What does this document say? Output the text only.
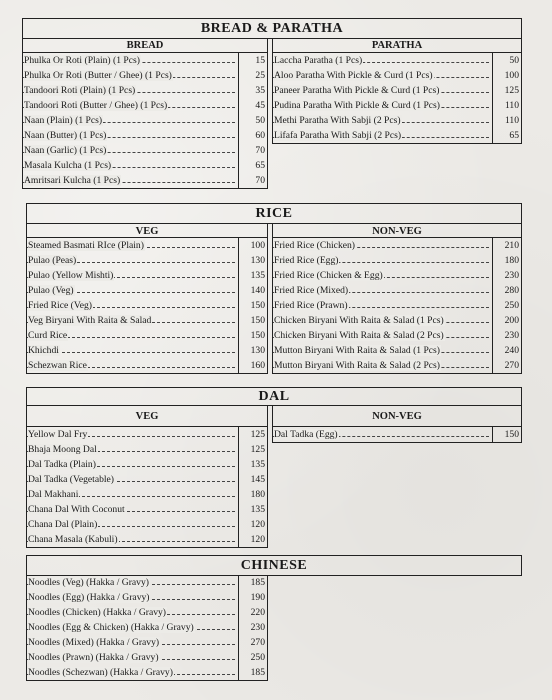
BREAD & PARATHA
BREAD
Phulka Or Roti (Plain) (1 Pcs)	15
Phulka Or Roti (Butter / Ghee) (1 Pcs)	25
Tandoori Roti (Plain) (1 Pcs)	35
Tandoori Roti (Butter / Ghee) (1 Pcs)	45
Naan (Plain) (1 Pcs)	50
Naan (Butter) (1 Pcs)	60
Naan (Garlic) (1 Pcs)	70
Masala Kulcha (1 Pcs)	65
Amritsari Kulcha (1 Pcs)	70
PARATHA
Laccha Paratha (1 Pcs)	50
Aloo Paratha With Pickle & Curd (1 Pcs)	100
Paneer Paratha With Pickle & Curd (1 Pcs)	125
Pudina Paratha With Pickle & Curd (1 Pcs)	110
Methi Paratha With Sabji (2 Pcs)	110
Lifafa Paratha With Sabji (2 Pcs)	65
RICE
VEG
Steamed Basmati RIce (Plain)	100
Pulao (Peas)	130
Pulao (Yellow Mishti)	135
Pulao (Veg)	140
Fried Rice (Veg)	150
Veg Biryani With Raita & Salad	150
Curd Rice	150
Khichdi	130
Schezwan Rice	160
NON-VEG
Fried Rice (Chicken)	210
Fried Rice (Egg)	180
Fried Rice (Chicken & Egg)	230
Fried Rice (Mixed)	280
Fried Rice (Prawn)	250
Chicken Biryani With Raita & Salad (1 Pcs)	200
Chicken Biryani With Raita & Salad (2 Pcs)	230
Mutton Biryani With Raita & Salad (1 Pcs)	240
Mutton Biryani With Raita & Salad (2 Pcs)	270
DAL
VEG
Yellow Dal Fry	125
Bhaja Moong Dal	125
Dal Tadka (Plain)	135
Dal Tadka (Vegetable)	145
Dal Makhani	180
Chana Dal With Coconut	135
Chana Dal (Plain)	120
Chana Masala (Kabuli)	120
NON-VEG
Dal Tadka (Egg)	150
CHINESE
Noodles (Veg) (Hakka / Gravy)	185
Noodles (Egg) (Hakka / Gravy)	190
Noodles (Chicken) (Hakka / Gravy)	220
Noodles (Egg & Chicken) (Hakka / Gravy)	230
Noodles (Mixed) (Hakka / Gravy)	270
Noodles (Prawn) (Hakka / Gravy)	250
Noodles (Schezwan) (Hakka / Gravy)	185
